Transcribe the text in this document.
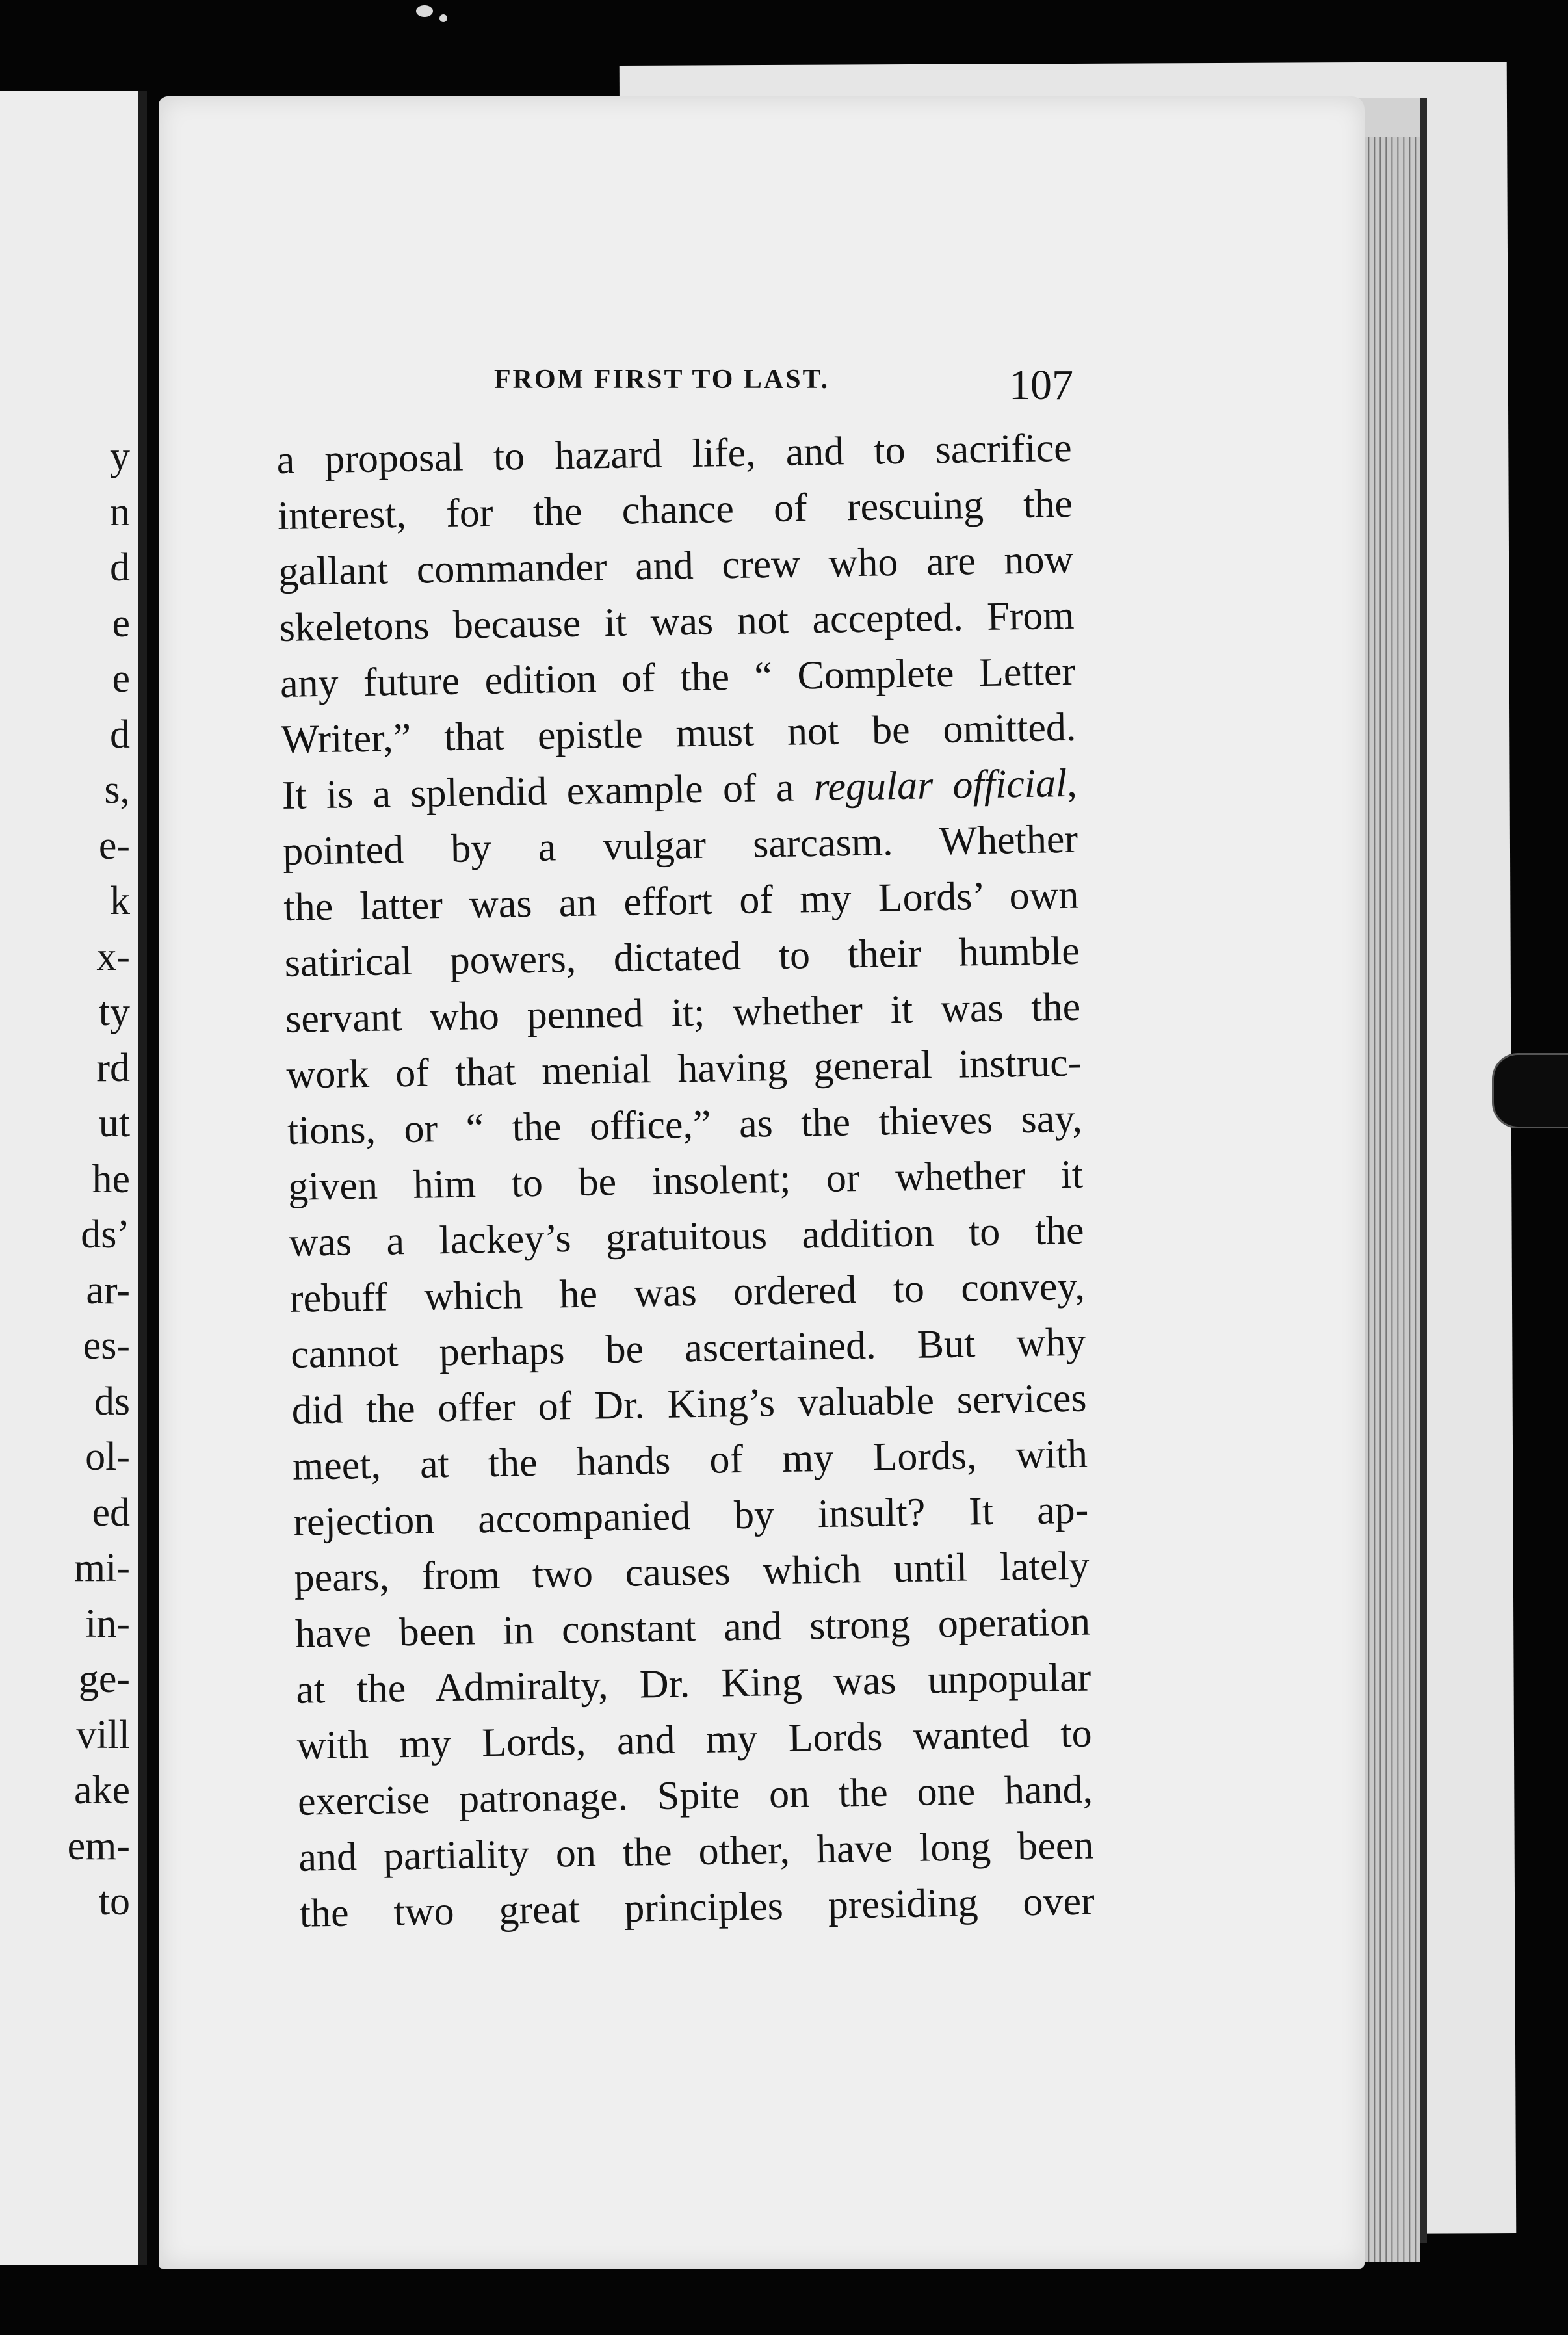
y
n
d
e
e
d
s,
e-
k
x-
ty
rd
ut
he
ds’
ar-
es-
ds
ol-
ed
mi-
in-
ge-
vill
ake
em-
to
FROM FIRST TO LAST.	107
a proposal to hazard life, and to sacrifice
interest, for the chance of rescuing the
gallant commander and crew who are now
skeletons because it was not accepted. From
any future edition of the “ Complete Letter
Writer,” that epistle must not be omitted.
It is a splendid example of a regular official,
pointed by a vulgar sarcasm. Whether
the latter was an effort of my Lords’ own
satirical powers, dictated to their humble
servant who penned it; whether it was the
work of that menial having general instruc-
tions, or “ the office,” as the thieves say,
given him to be insolent; or whether it
was a lackey’s gratuitous addition to the
rebuff which he was ordered to convey,
cannot perhaps be ascertained. But why
did the offer of Dr. King’s valuable services
meet, at the hands of my Lords, with
rejection accompanied by insult? It ap-
pears, from two causes which until lately
have been in constant and strong operation
at the Admiralty, Dr. King was unpopular
with my Lords, and my Lords wanted to
exercise patronage. Spite on the one hand,
and partiality on the other, have long been
the two great principles presiding over
